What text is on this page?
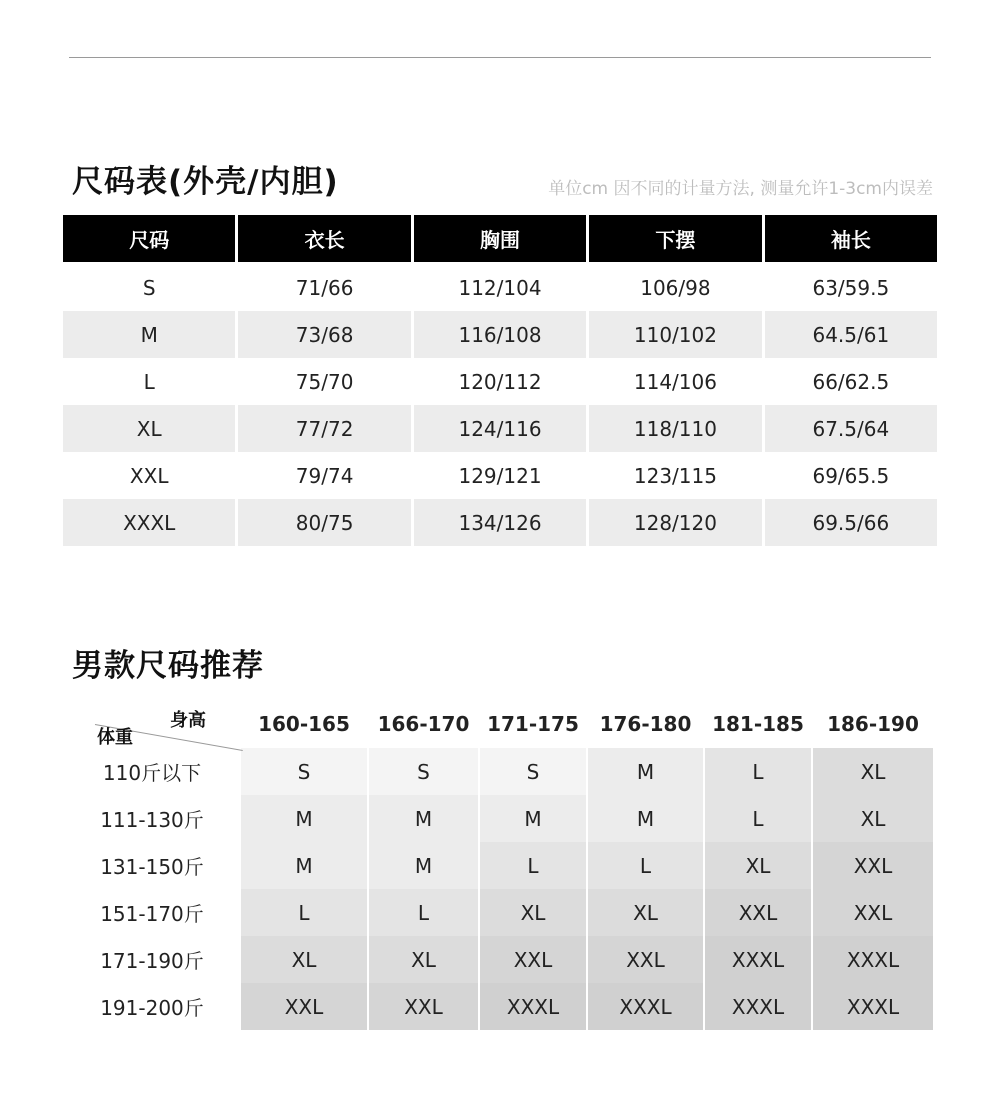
尺码表(外壳/内胆)	单位cm 因不同的计量方法, 测量允许1-3cm内误差
尺码	衣长	胸围	下摆	袖长
S	71/66	112/104	106/98	63/59.5
M	73/68	116/108	110/102	64.5/61
L	75/70	120/112	114/106	66/62.5
XL	77/72	124/116	118/110	67.5/64
XXL	79/74	129/121	123/115	69/65.5
XXXL	80/75	134/126	128/120	69.5/66
男款尺码推荐
身高
体重
160-165	166-170 171-175	176-180	181-185	186-190
110斤以下	S	S	S	M	L	XL
111-130斤	M	M	M	M	L	XL
131-150斤	M	M	L	L	XL	XXL
151-170斤	L	L	XL	XL	XXL	XXL
171-190斤	XL	XL	XXL	XXL	XXXL	XXXL
191-200斤	XXL	XXL	XXXL	XXXL	XXXL	XXXL
